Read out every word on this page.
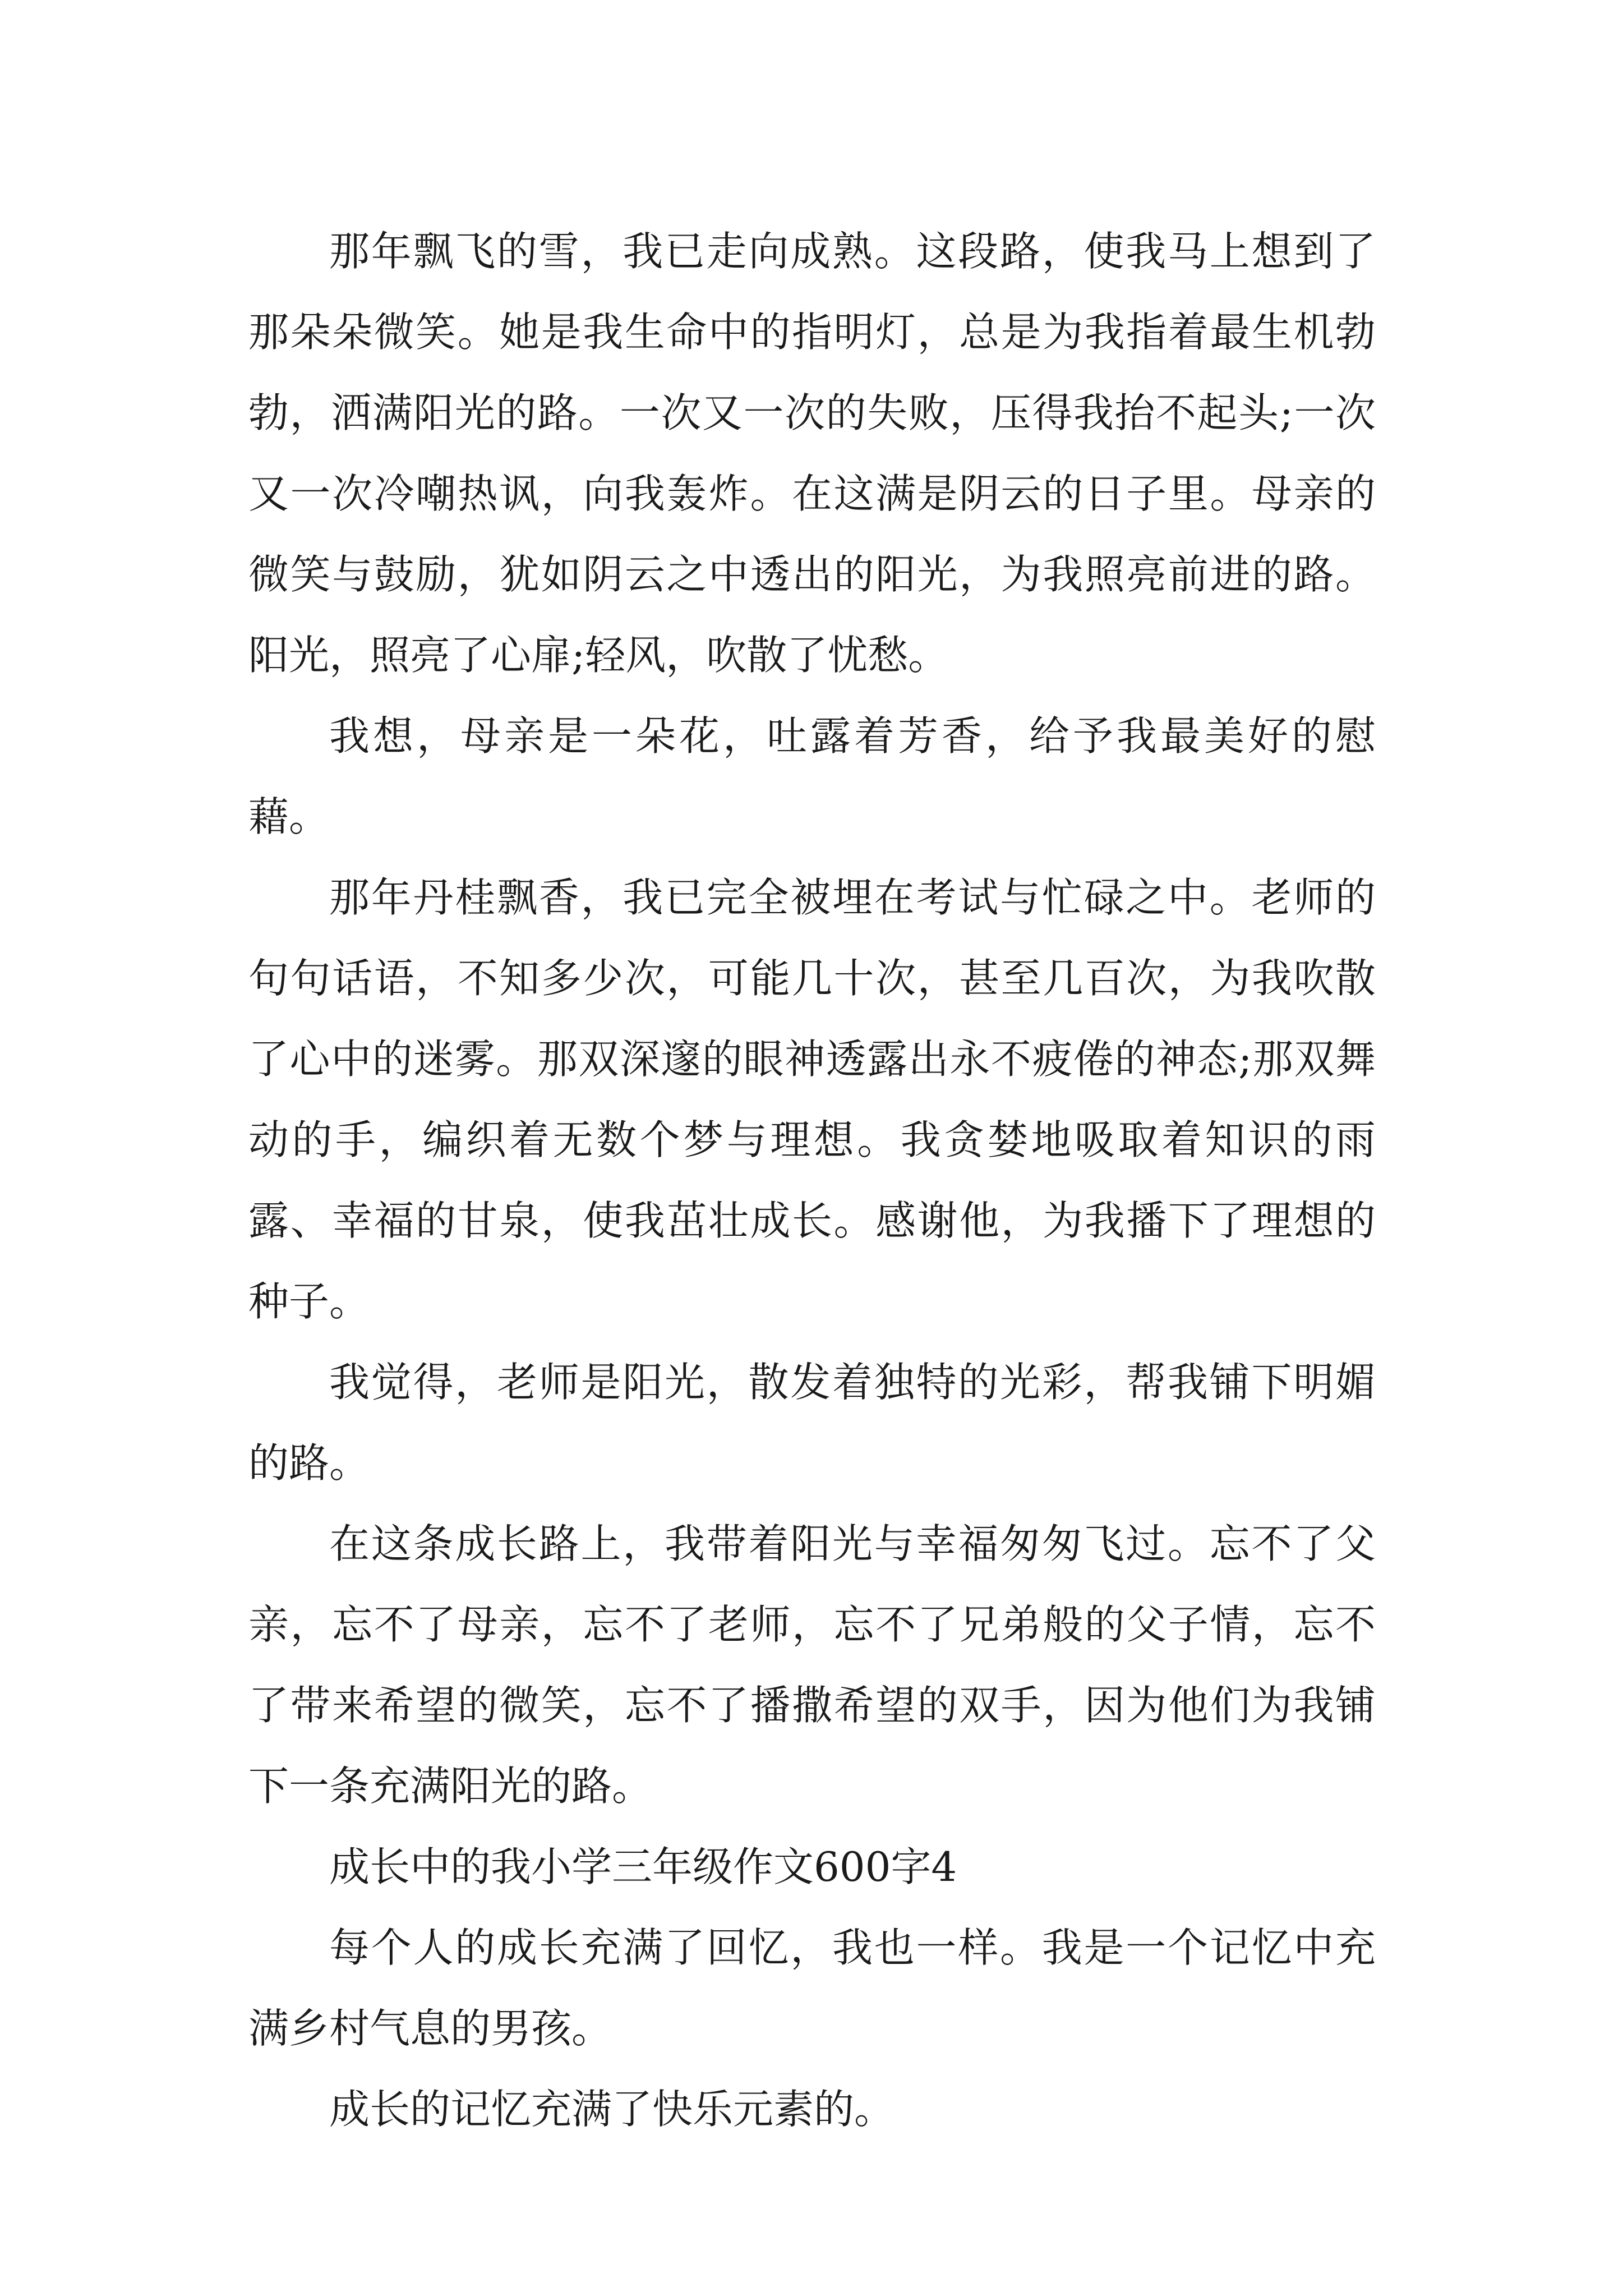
那年飘飞的雪，我已走向成熟。这段路，使我马上想到了那朵朵微笑。她是我生命中的指明灯，总是为我指着最生机勃勃，洒满阳光的路。一次又一次的失败，压得我抬不起头;一次又一次冷嘲热讽，向我轰炸。在这满是阴云的日子里。母亲的微笑与鼓励，犹如阴云之中透出的阳光，为我照亮前进的路。阳光，照亮了心扉;轻风，吹散了忧愁。

我想，母亲是一朵花，吐露着芳香，给予我最美好的慰藉。

那年丹桂飘香，我已完全被埋在考试与忙碌之中。老师的句句话语，不知多少次，可能几十次，甚至几百次，为我吹散了心中的迷雾。那双深邃的眼神透露出永不疲倦的神态;那双舞动的手，编织着无数个梦与理想。我贪婪地吸取着知识的雨露、幸福的甘泉，使我茁壮成长。感谢他，为我播下了理想的种子。

我觉得，老师是阳光，散发着独特的光彩，帮我铺下明媚的路。

在这条成长路上，我带着阳光与幸福匆匆飞过。忘不了父亲，忘不了母亲，忘不了老师，忘不了兄弟般的父子情，忘不了带来希望的微笑，忘不了播撒希望的双手，因为他们为我铺下一条充满阳光的路。

成长中的我小学三年级作文600字4

每个人的成长充满了回忆，我也一样。我是一个记忆中充满乡村气息的男孩。

成长的记忆充满了快乐元素的。
